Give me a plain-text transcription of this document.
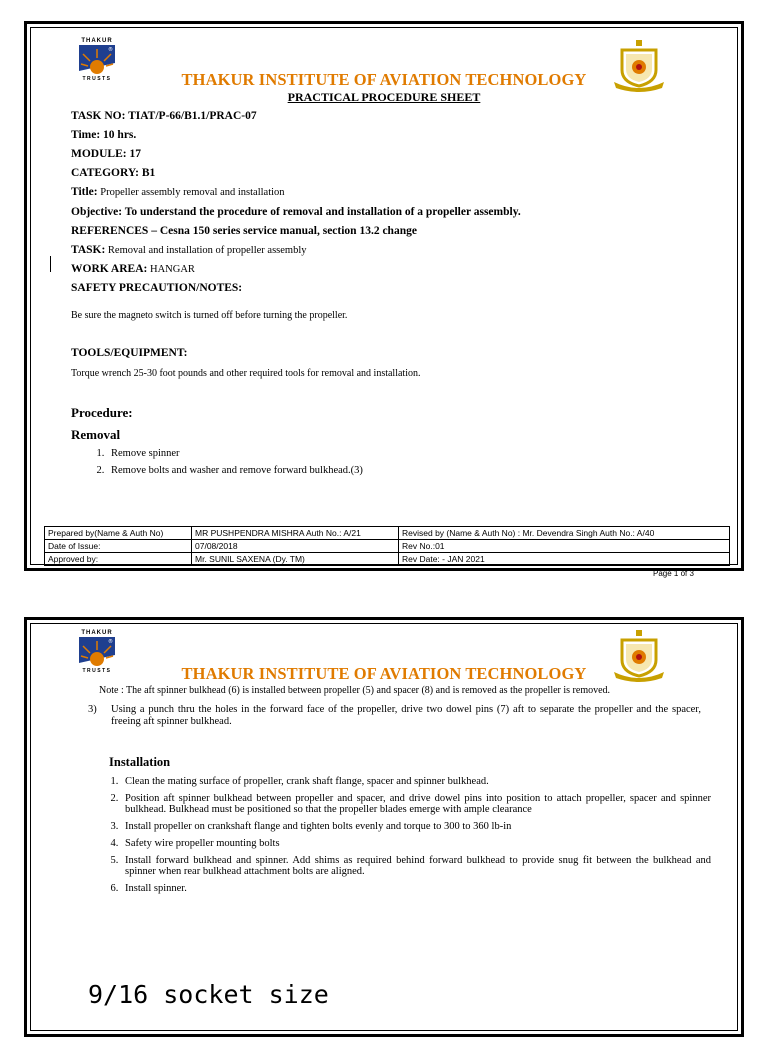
THAKUR
®
TRUSTS	THAKUR INSTITUTE OF AVIATION TECHNOLOGY
PRACTICAL PROCEDURE SHEET
TASK NO: TIAT/P-66/B1.1/PRAC-07
Time: 10 hrs.
MODULE: 17
CATEGORY: B1
Title: Propeller assembly removal and installation
Objective: To understand the procedure of removal and installation of a propeller assembly.
REFERENCES – Cesna 150 series service manual, section 13.2 change
TASK: Removal and installation of propeller assembly
WORK AREA: HANGAR
SAFETY PRECAUTION/NOTES:
Be sure the magneto switch is turned off before turning the propeller.
TOOLS/EQUIPMENT:
Torque wrench 25-30 foot pounds and other required tools for removal and installation.
Procedure:
Removal
1. Remove spinner
2. Remove bolts and washer and remove forward bulkhead.(3)
Prepared by(Name & Auth No)	MR PUSHPENDRA MISHRA Auth No.: A/21	Revised by (Name & Auth No) : Mr. Devendra Singh Auth No.: A/40
Date of Issue:	07/08/2018	Rev No.:01
Approved by:	Mr. SUNIL SAXENA (Dy. TM)	Rev Date: - JAN 2021
Page 1 of 3
THAKUR
®
TRUSTS	THAKUR INSTITUTE OF AVIATION TECHNOLOGY
Note : The aft spinner bulkhead (6) is installed between propeller (5) and spacer (8) and is removed as the propeller is removed.
3) Using a punch thru the holes in the forward face of the propeller, drive two dowel pins (7) aft to separate the propeller and the spacer, freeing aft spinner bulkhead.
Installation
1. Clean the mating surface of propeller, crank shaft flange, spacer and spinner bulkhead.
2. Position aft spinner bulkhead between propeller and spacer, and drive dowel pins into position to attach propeller, spacer and spinner bulkhead. Bulkhead must be positioned so that the propeller blades emerge with ample clearance
3. Install propeller on crankshaft flange and tighten bolts evenly and torque to 300 to 360 lb-in
4. Safety wire propeller mounting bolts
5. Install forward bulkhead and spinner. Add shims as required behind forward bulkhead to provide snug fit between the bulkhead and spinner when rear bulkhead attachment bolts are aligned.
6. Install spinner.
9/16 socket size
